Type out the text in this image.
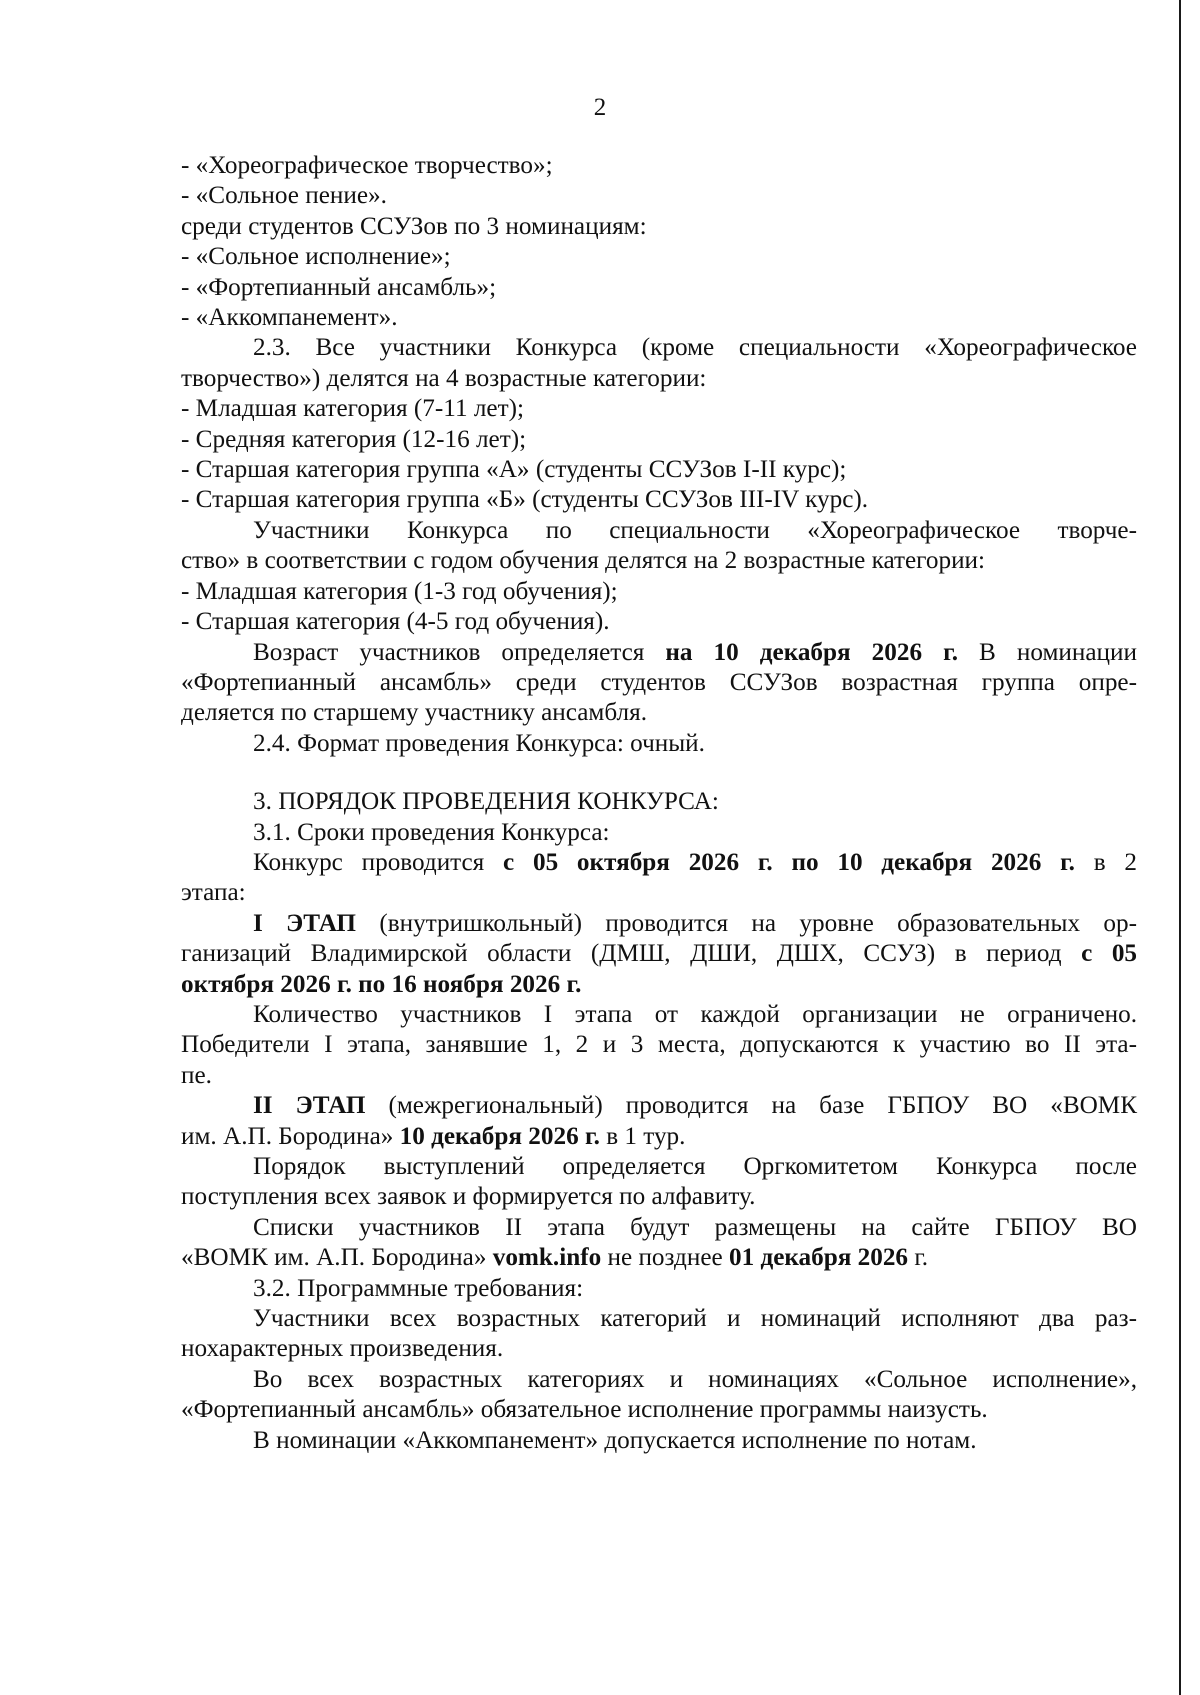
2
- «Хореографическое творчество»;
- «Сольное пение».
среди студентов ССУЗов по 3 номинациям:
- «Сольное исполнение»;
- «Фортепианный ансамбль»;
- «Аккомпанемент».
2.3. Все участники Конкурса (кроме специальности «Хореографическое
творчество») делятся на 4 возрастные категории:
- Младшая категория (7-11 лет);
- Средняя категория (12-16 лет);
- Старшая категория группа «А» (студенты ССУЗов I-II курс);
- Старшая категория группа «Б» (студенты ССУЗов III-IV курс).
Участники Конкурса по специальности «Хореографическое творче-
ство» в соответствии с годом обучения делятся на 2 возрастные категории:
- Младшая категория (1-3 год обучения);
- Старшая категория (4-5 год обучения).
Возраст участников определяется на 10 декабря 2026 г. В номинации
«Фортепианный ансамбль» среди студентов ССУЗов возрастная группа опре-
деляется по старшему участнику ансамбля.
2.4. Формат проведения Конкурса: очный.
3. ПОРЯДОК ПРОВЕДЕНИЯ КОНКУРСА:
3.1. Сроки проведения Конкурса:
Конкурс проводится с 05 октября 2026 г. по 10 декабря 2026 г. в 2
этапа:
I ЭТАП (внутришкольный) проводится на уровне образовательных ор-
ганизаций Владимирской области (ДМШ, ДШИ, ДШХ, ССУЗ) в период с 05
октября 2026 г. по 16 ноября 2026 г.
Количество участников I этапа от каждой организации не ограничено.
Победители I этапа, занявшие 1, 2 и 3 места, допускаются к участию во II эта-
пе.
II ЭТАП (межрегиональный) проводится на базе ГБПОУ ВО «ВОМК
им. А.П. Бородина» 10 декабря 2026 г. в 1 тур.
Порядок выступлений определяется Оргкомитетом Конкурса после
поступления всех заявок и формируется по алфавиту.
Списки участников II этапа будут размещены на сайте ГБПОУ ВО
«ВОМК им. А.П. Бородина» vomk.info не позднее 01 декабря 2026 г.
3.2. Программные требования:
Участники всех возрастных категорий и номинаций исполняют два раз-
нохарактерных произведения.
Во всех возрастных категориях и номинациях «Сольное исполнение»,
«Фортепианный ансамбль» обязательное исполнение программы наизусть.
В номинации «Аккомпанемент» допускается исполнение по нотам.
